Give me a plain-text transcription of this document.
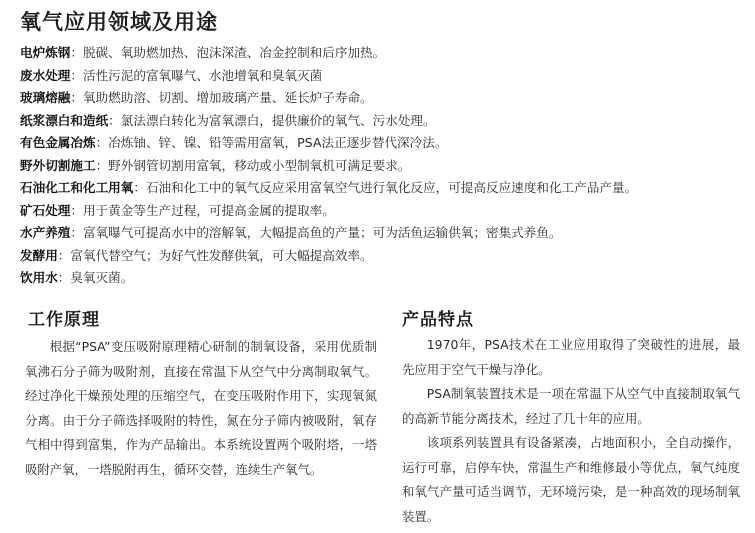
氧气应用领域及用途
电炉炼钢：脱碳、氧助燃加热、泡沫深渣、冶金控制和后序加热。
废水处理：活性污泥的富氧曝气、水池增氧和臭氧灭菌
玻璃熔融：氧助燃助溶、切割、增加玻璃产量、延长炉子寿命。
纸浆漂白和造纸：氯法漂白转化为富氧漂白，提供廉价的氧气、污水处理。
有色金属冶炼：冶炼铀、锌、镍、铅等需用富氧，PSA法正逐步替代深冷法。
野外切割施工：野外钢管切割用富氧，移动或小型制氧机可满足要求。
石油化工和化工用氧：石油和化工中的氧气反应采用富氧空气进行氧化反应，可提高反应速度和化工产品产量。
矿石处理：用于黄金等生产过程，可提高金属的提取率。
水产养殖：富氧曝气可提高水中的溶解氧，大幅提高鱼的产量；可为活鱼运输供氧；密集式养鱼。
发酵用：富氧代替空气；为好气性发酵供氧，可大幅提高效率。
饮用水：臭氧灭菌。
工作原理

根据“PSA”变压吸附原理精心研制的制氧设备，采用优质制氧沸石分子筛为吸附剂，直接在常温下从空气中分离制取氧气。经过净化干燥预处理的压缩空气，在变压吸附作用下，实现氧氮分离。由于分子筛选择吸附的特性，氮在分子筛内被吸附，氧存气相中得到富集，作为产品输出。本系统设置两个吸附塔，一塔吸附产氧，一塔脱附再生，循环交替，连续生产氧气。

产品特点

1970年，PSA技术在工业应用取得了突破性的进展，最先应用于空气干燥与净化。

PSA制氧装置技术是一项在常温下从空气中直接制取氧气的高新节能分离技术，经过了几十年的应用。

该项系列装置具有设备紧凑，占地面积小，全自动操作，运行可靠，启停车快，常温生产和维修最小等优点，氧气纯度和氧气产量可适当调节，无环境污染，是一种高效的现场制氧装置。
